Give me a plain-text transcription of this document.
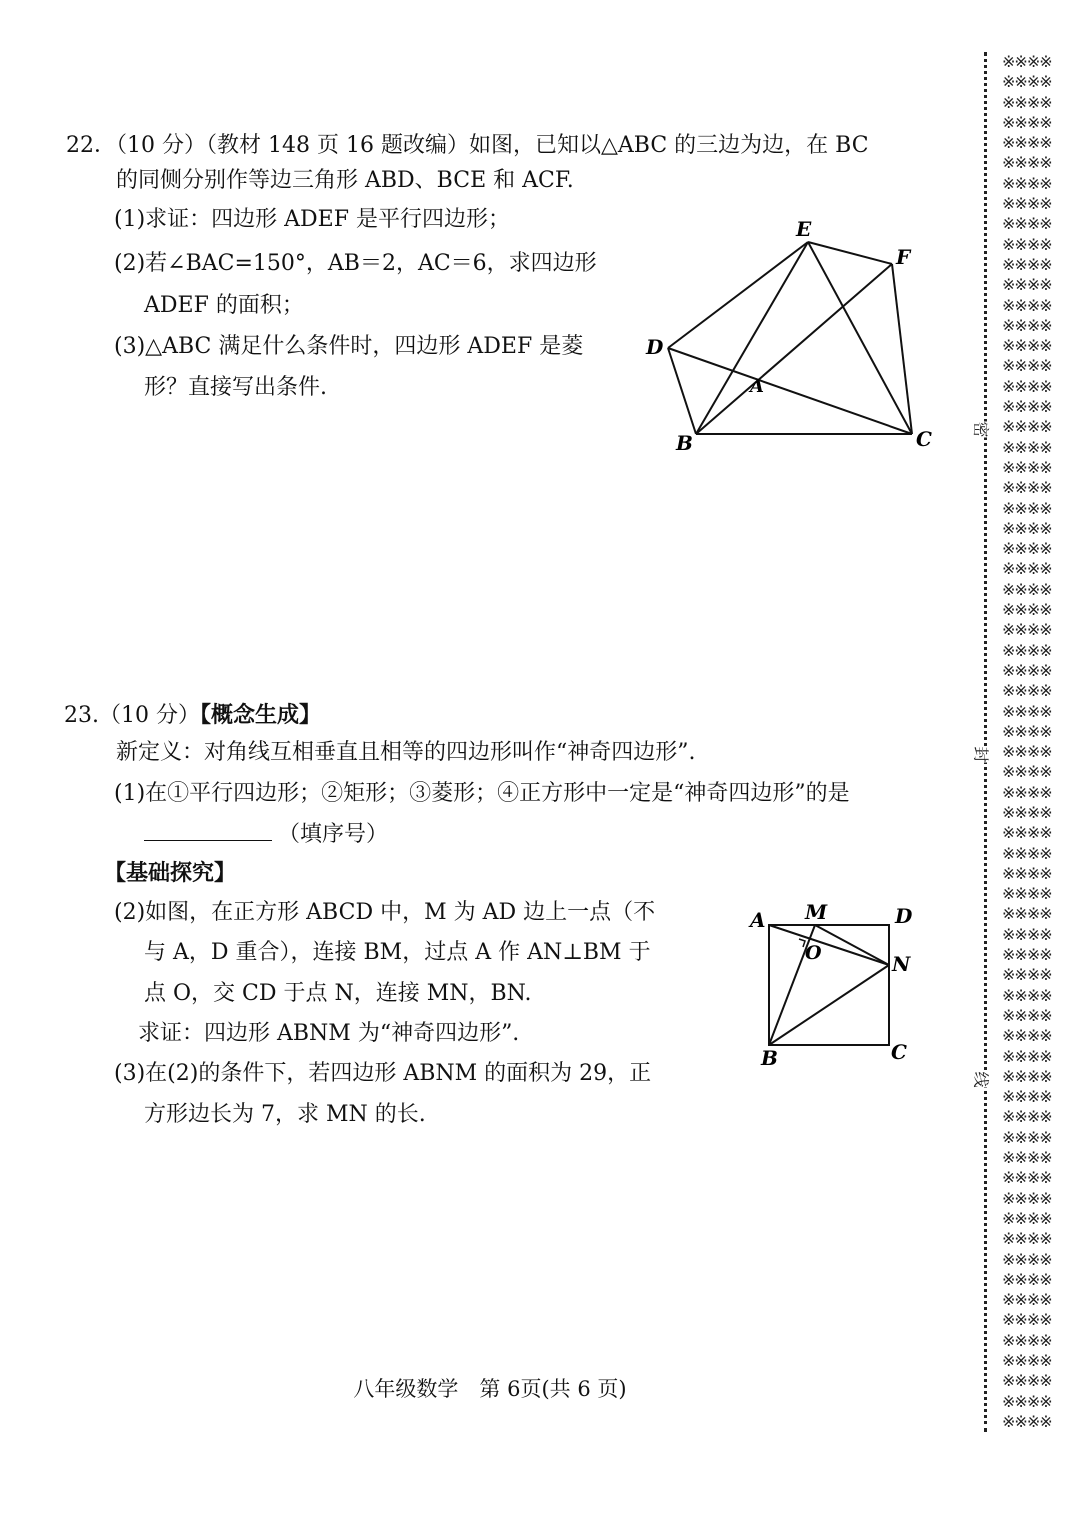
22．（10 分）（教材 148 页 16 题改编）如图，已知以△ABC 的三边为边，在 BC
的同侧分别作等边三角形 ABD、BCE 和 ACF.
(1)求证：四边形 ADEF 是平行四边形；
(2)若∠BAC=150°，AB＝2，AC＝6，求四边形
ADEF 的面积；
(3)△ABC 满足什么条件时，四边形 ADEF 是菱
形？直接写出条件.
E
F
D
A
B	C
23.（10 分）【概念生成】
新定义：对角线互相垂直且相等的四边形叫作“神奇四边形”.
(1)在①平行四边形；②矩形；③菱形；④正方形中一定是“神奇四边形”的是
（填序号）
【基础探究】
(2)如图，在正方形 ABCD 中，M 为 AD 边上一点（不
与 A，D 重合），连接 BM，过点 A 作 AN⊥BM 于
点 O，交 CD 于点 N，连接 MN，BN.
求证：四边形 ABNM 为“神奇四边形”.
(3)在(2)的条件下，若四边形 ABNM 的面积为 29，正
方形边长为 7，求 MN 的长.
A M	D
O	N
B	C
八年级数学　第 6页(共 6 页)
※※※※
※※※※
※※※※
※※※※
※※※※
※※※※
※※※※
※※※※
※※※※
※※※※
※※※※
※※※※
※※※※
※※※※
※※※※
※※※※
※※※※
※※※※
※※※※
※※※※
※※※※
※※※※
※※※※
※※※※
※※※※
※※※※
※※※※
※※※※
※※※※
※※※※
※※※※
※※※※
※※※※
※※※※
※※※※
※※※※
※※※※
※※※※
※※※※
※※※※
※※※※
※※※※
※※※※
※※※※
※※※※
※※※※
※※※※
※※※※
※※※※
※※※※
※※※※
※※※※
※※※※
※※※※
※※※※
※※※※
※※※※
※※※※
※※※※
※※※※
※※※※
※※※※
※※※※
※※※※
※※※※
※※※※
※※※※
※※※※
密
封
线
